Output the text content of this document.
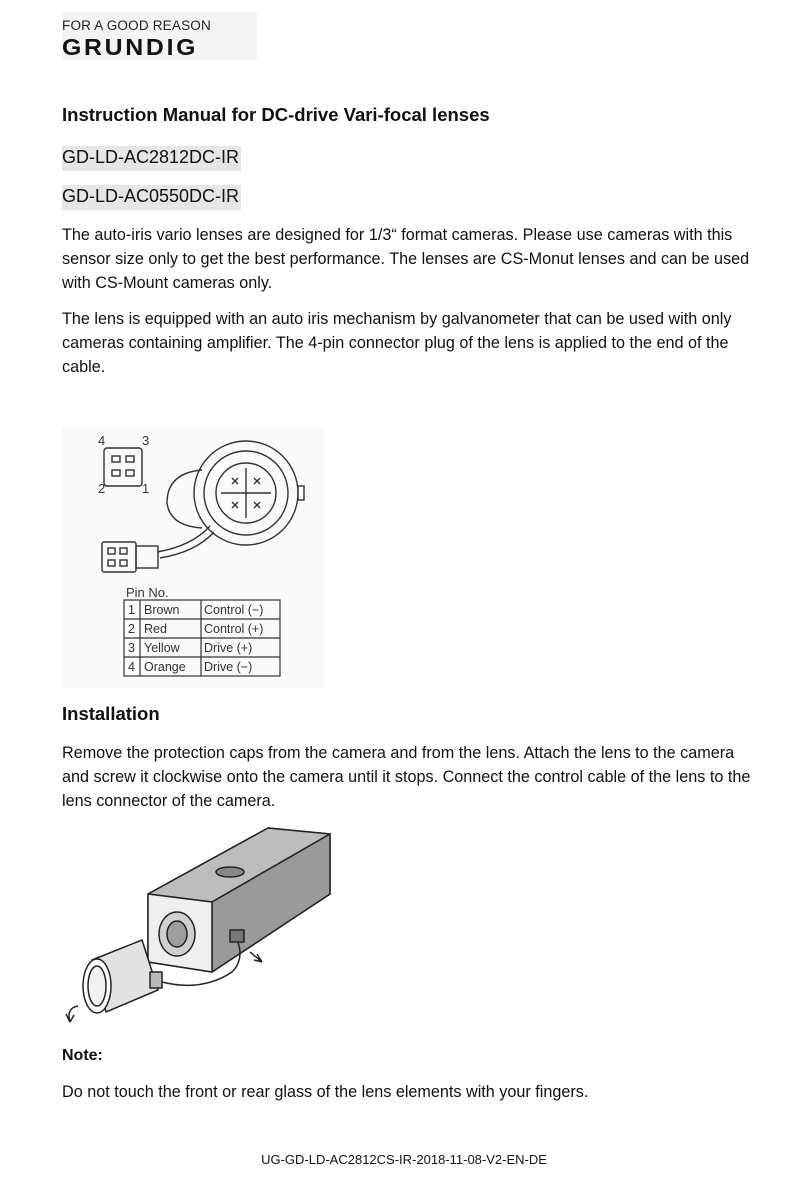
FOR A GOOD REASON
GRUNDIG
Instruction Manual for DC-drive Vari-focal lenses
GD-LD-AC2812DC-IR
GD-LD-AC0550DC-IR
The auto-iris vario lenses are designed for 1/3“ format cameras. Please use cameras with this sensor size only to get the best performance. The lenses are CS-Monut lenses and can be used with CS-Mount cameras only.
The lens is equipped with an auto iris mechanism by galvanometer that can be used with only cameras containing amplifier. The 4-pin connector plug of the lens is applied to the end of the cable.
4	3
2	1
Pin No.
1 Brown Control (−)
2 Red	Control (+)
3 Yellow Drive (+)
4 Orange Drive (−)
Installation
Remove the protection caps from the camera and from the lens. Attach the lens to the camera and screw it clockwise onto the camera until it stops. Connect the control cable of the lens to the lens connector of the camera.
Note:
Do not touch the front or rear glass of the lens elements with your fingers.
UG-GD-LD-AC2812CS-IR-2018-11-08-V2-EN-DE
